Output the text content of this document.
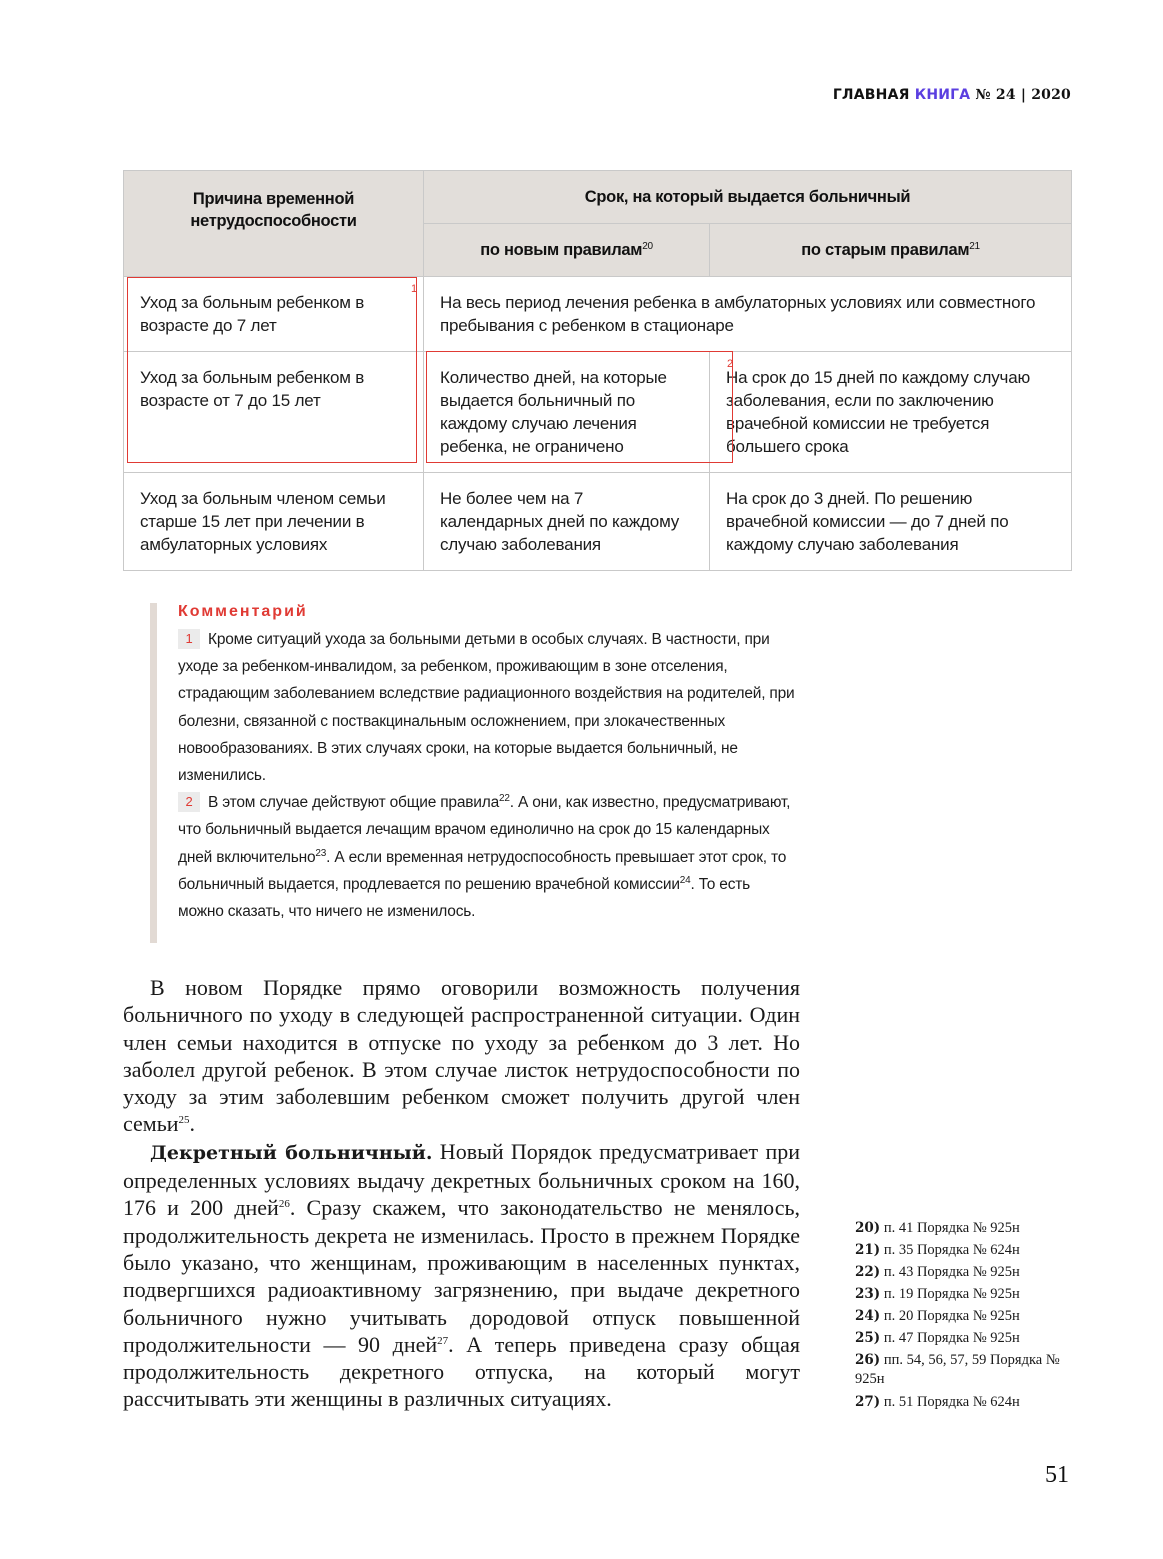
ГЛАВНАЯ КНИГА № 24 | 2020
Причина временной нетрудоспособности	Срок, на который выдается больничный	
	по новым правилам$^{20}$	по старым правилам$^{21}$
Уход за больным ребенком в возрасте до 7 лет	На весь период лечения ребенка в амбулаторных условиях или совместного пребывания с ребенком в стационаре	
Уход за больным ребенком в возрасте от 7 до 15 лет	Количество дней, на которые выдается больничный по каждому случаю лечения ребенка, не ограничено	На срок до 15 дней по каждому случаю заболевания, если по заключению врачебной комиссии не требуется большего срока
Уход за больным членом семьи старше 15 лет при лечении в амбулаторных условиях	Не более чем на 7 календарных дней по каждому случаю заболевания	На срок до 3 дней. По решению врачебной комиссии — до 7 дней по каждому случаю заболевания
1
2
Комментарий

1 Кроме ситуаций ухода за больными детьми в особых случаях. В частности, при уходе за ребенком-инвалидом, за ребенком, проживающим в зоне отселения, страдающим заболеванием вследствие радиационного воздействия на родителей, при болезни, связанной с поствакцинальным осложнением, при злокачественных новообразованиях. В этих случаях сроки, на которые выдается больничный, не изменились.

2 В этом случае действуют общие правила$^{22}$. А они, как известно, предусматривают, что больничный выдается лечащим врачом единолично на срок до 15 календарных дней включительно$^{23}$. А если временная нетрудоспособность превышает этот срок, то больничный выдается, продлевается по решению врачебной комиссии$^{24}$. То есть можно сказать, что ничего не изменилось.

В новом Порядке прямо оговорили возможность получения больничного по уходу в следующей распространенной ситуации. Один член семьи находится в отпуске по уходу за ребенком до 3 лет. Но заболел другой ребенок. В этом случае листок нетрудоспособности по уходу за этим заболевшим ребенком сможет получить другой член семьи$^{25}$.

Декретный больничный. Новый Порядок предусматривает при определенных условиях выдачу декретных больничных сроком на 160, 176 и 200 дней$^{26}$. Сразу скажем, что законодательство не менялось, продолжительность декрета не изменилась. Просто в прежнем Порядке было указано, что женщинам, проживающим в населенных пунктах, подвергшихся радиоактивному загрязнению, при выдаче декретного больничного нужно учитывать дородовой отпуск повышенной продолжительности — 90 дней$^{27}$. А теперь приведена сразу общая продолжительность декретного отпуска, на который могут рассчитывать эти женщины в различных ситуациях.

20) п. 41 Порядка № 925н
21) п. 35 Порядка № 624н
22) п. 43 Порядка № 925н
23) п. 19 Порядка № 925н
24) п. 20 Порядка № 925н
25) п. 47 Порядка № 925н
26) пп. 54, 56, 57, 59 Порядка № 925н
27) п. 51 Порядка № 624н
51
